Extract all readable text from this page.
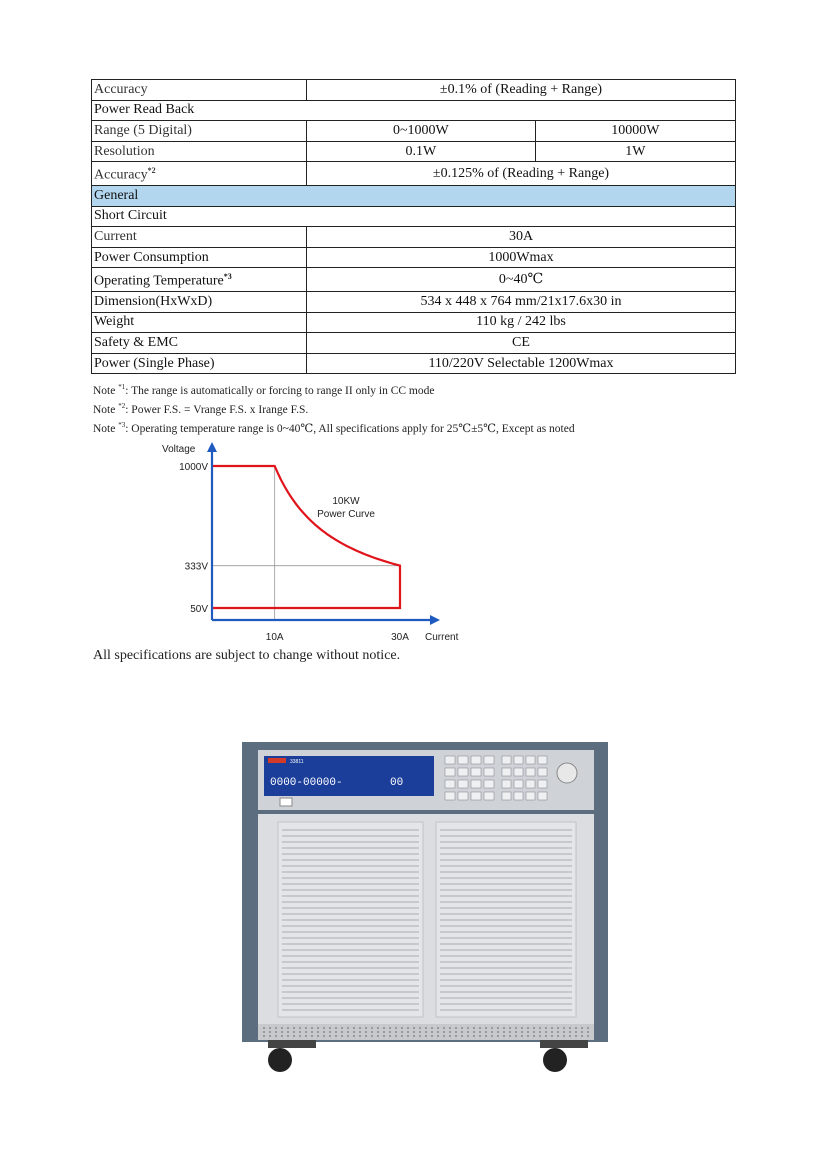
Accuracy	±0.1% of (Reading + Range)	
Power Read Back		
Range (5 Digital)	0~1000W	10000W
Resolution	0.1W	1W
Accuracy$^{*2}$	±0.125% of (Reading + Range)	
General		
Short Circuit		
Current	30A	
Power Consumption	1000Wmax	
Operating Temperature$^{*3}$	0~40℃	
Dimension(HxWxD)	534 x 448 x 764 mm/21x17.6x30 in	
Weight	110 kg / 242 lbs	
Safety & EMC	CE	
Power (Single Phase)	110/220V Selectable 1200Wmax	
Note $^{*1}$: The range is automatically or forcing to range II only in CC mode
Note $^{*2}$: Power F.S. = Vrange F.S. x Irange F.S.
Note $^{*3}$: Operating temperature range is 0~40℃, All specifications apply for 25℃±5℃, Except as noted
Voltage
1000V
333V
50V
10A	30A Current
10KW
Power Curve
All specifications are subject to change without notice.
33811
0000-00000-	00
